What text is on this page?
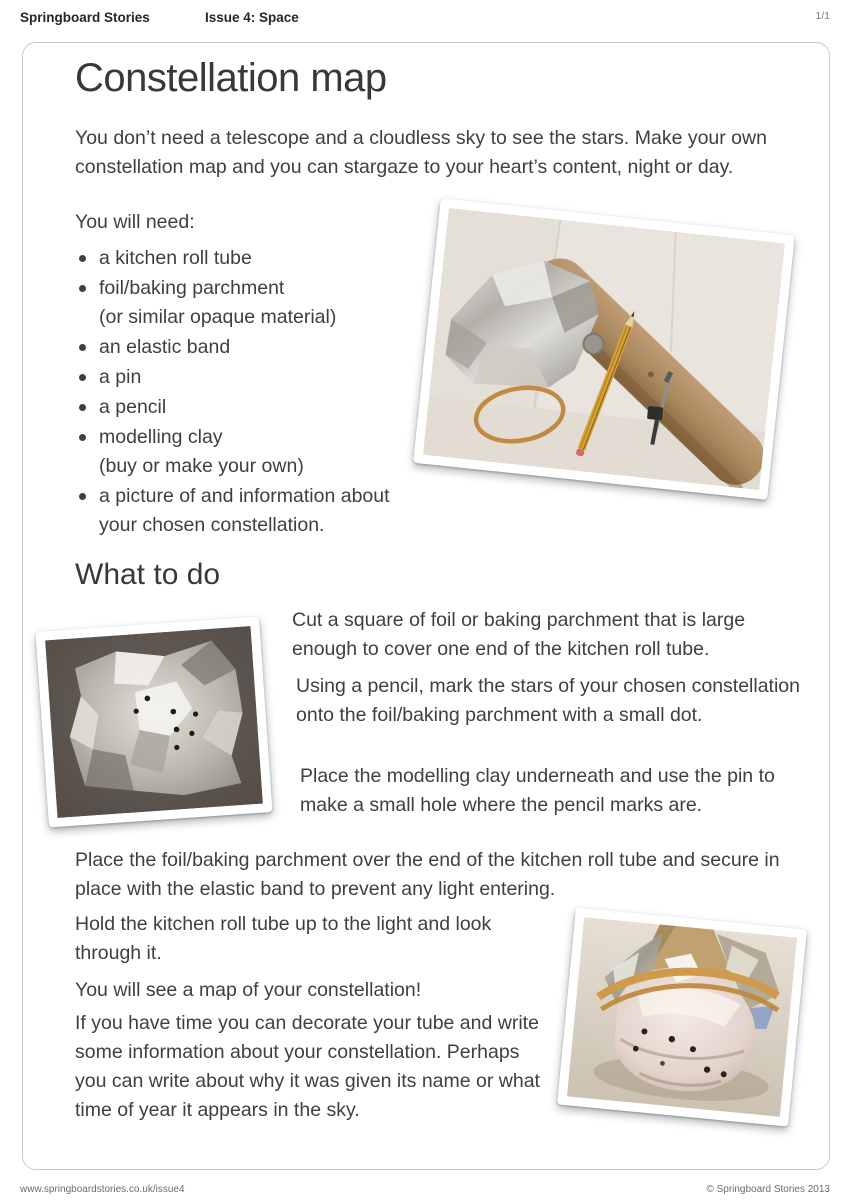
Springboard Stories	Issue 4: Space	1/1
Constellation map

You don’t need a telescope and a cloudless sky to see the stars. Make your own constellation map and you can stargaze to your heart’s content, night or day.

You will need:

a kitchen roll tube
foil/baking parchment
(or similar opaque material)
an elastic band
a pin
a pencil
modelling clay
(buy or make your own)
a picture of and information about your chosen constellation.
What to do

Cut a square of foil or baking parchment that is large enough to cover one end of the kitchen roll tube.

Using a pencil, mark the stars of your chosen constellation onto the foil/baking parchment with a small dot.

Place the modelling clay underneath and use the pin to make a small hole where the pencil marks are.

Place the foil/baking parchment over the end of the kitchen roll tube and secure in place with the elastic band to prevent any light entering.

Hold the kitchen roll tube up to the light and look through it.

You will see a map of your constellation!

If you have time you can decorate your tube and write some information about your constellation. Perhaps you can write about why it was given its name or what time of year it appears in the sky.

www.springboardstories.co.uk/issue4	© Springboard Stories 2013
